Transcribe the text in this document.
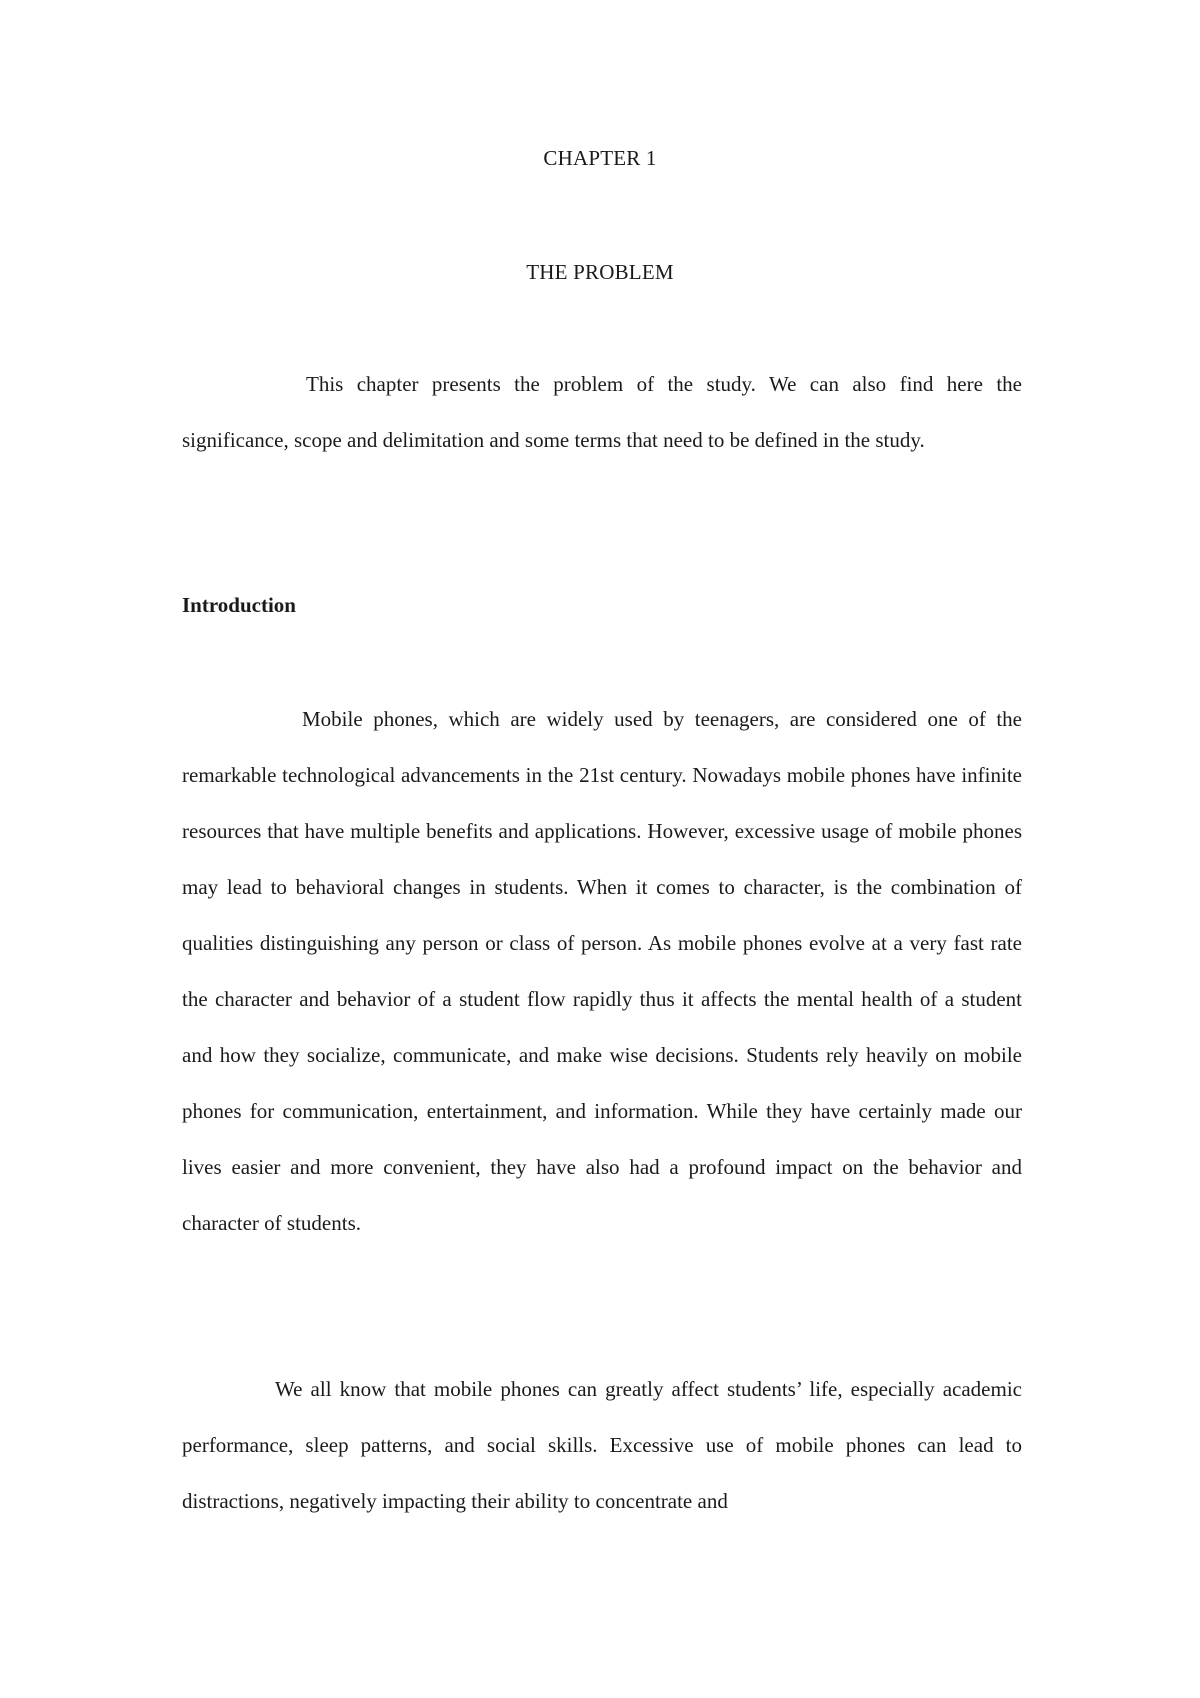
CHAPTER 1
THE PROBLEM

This chapter presents the problem of the study. We can also find here the significance, scope and delimitation and some terms that need to be defined in the study.

Introduction

Mobile phones, which are widely used by teenagers, are considered one of the remarkable technological advancements in the 21st century. Nowadays mobile phones have infinite resources that have multiple benefits and applications. However, excessive usage of mobile phones may lead to behavioral changes in students. When it comes to character, is the combination of qualities distinguishing any person or class of person. As mobile phones evolve at a very fast rate the character and behavior of a student flow rapidly thus it affects the mental health of a student and how they socialize, communicate, and make wise decisions. Students rely heavily on mobile phones for communication, entertainment, and information. While they have certainly made our lives easier and more convenient, they have also had a profound impact on the behavior and character of students.

We all know that mobile phones can greatly affect students’ life, especially academic performance, sleep patterns, and social skills. Excessive use of mobile phones can lead to distractions, negatively impacting their ability to concentrate and
